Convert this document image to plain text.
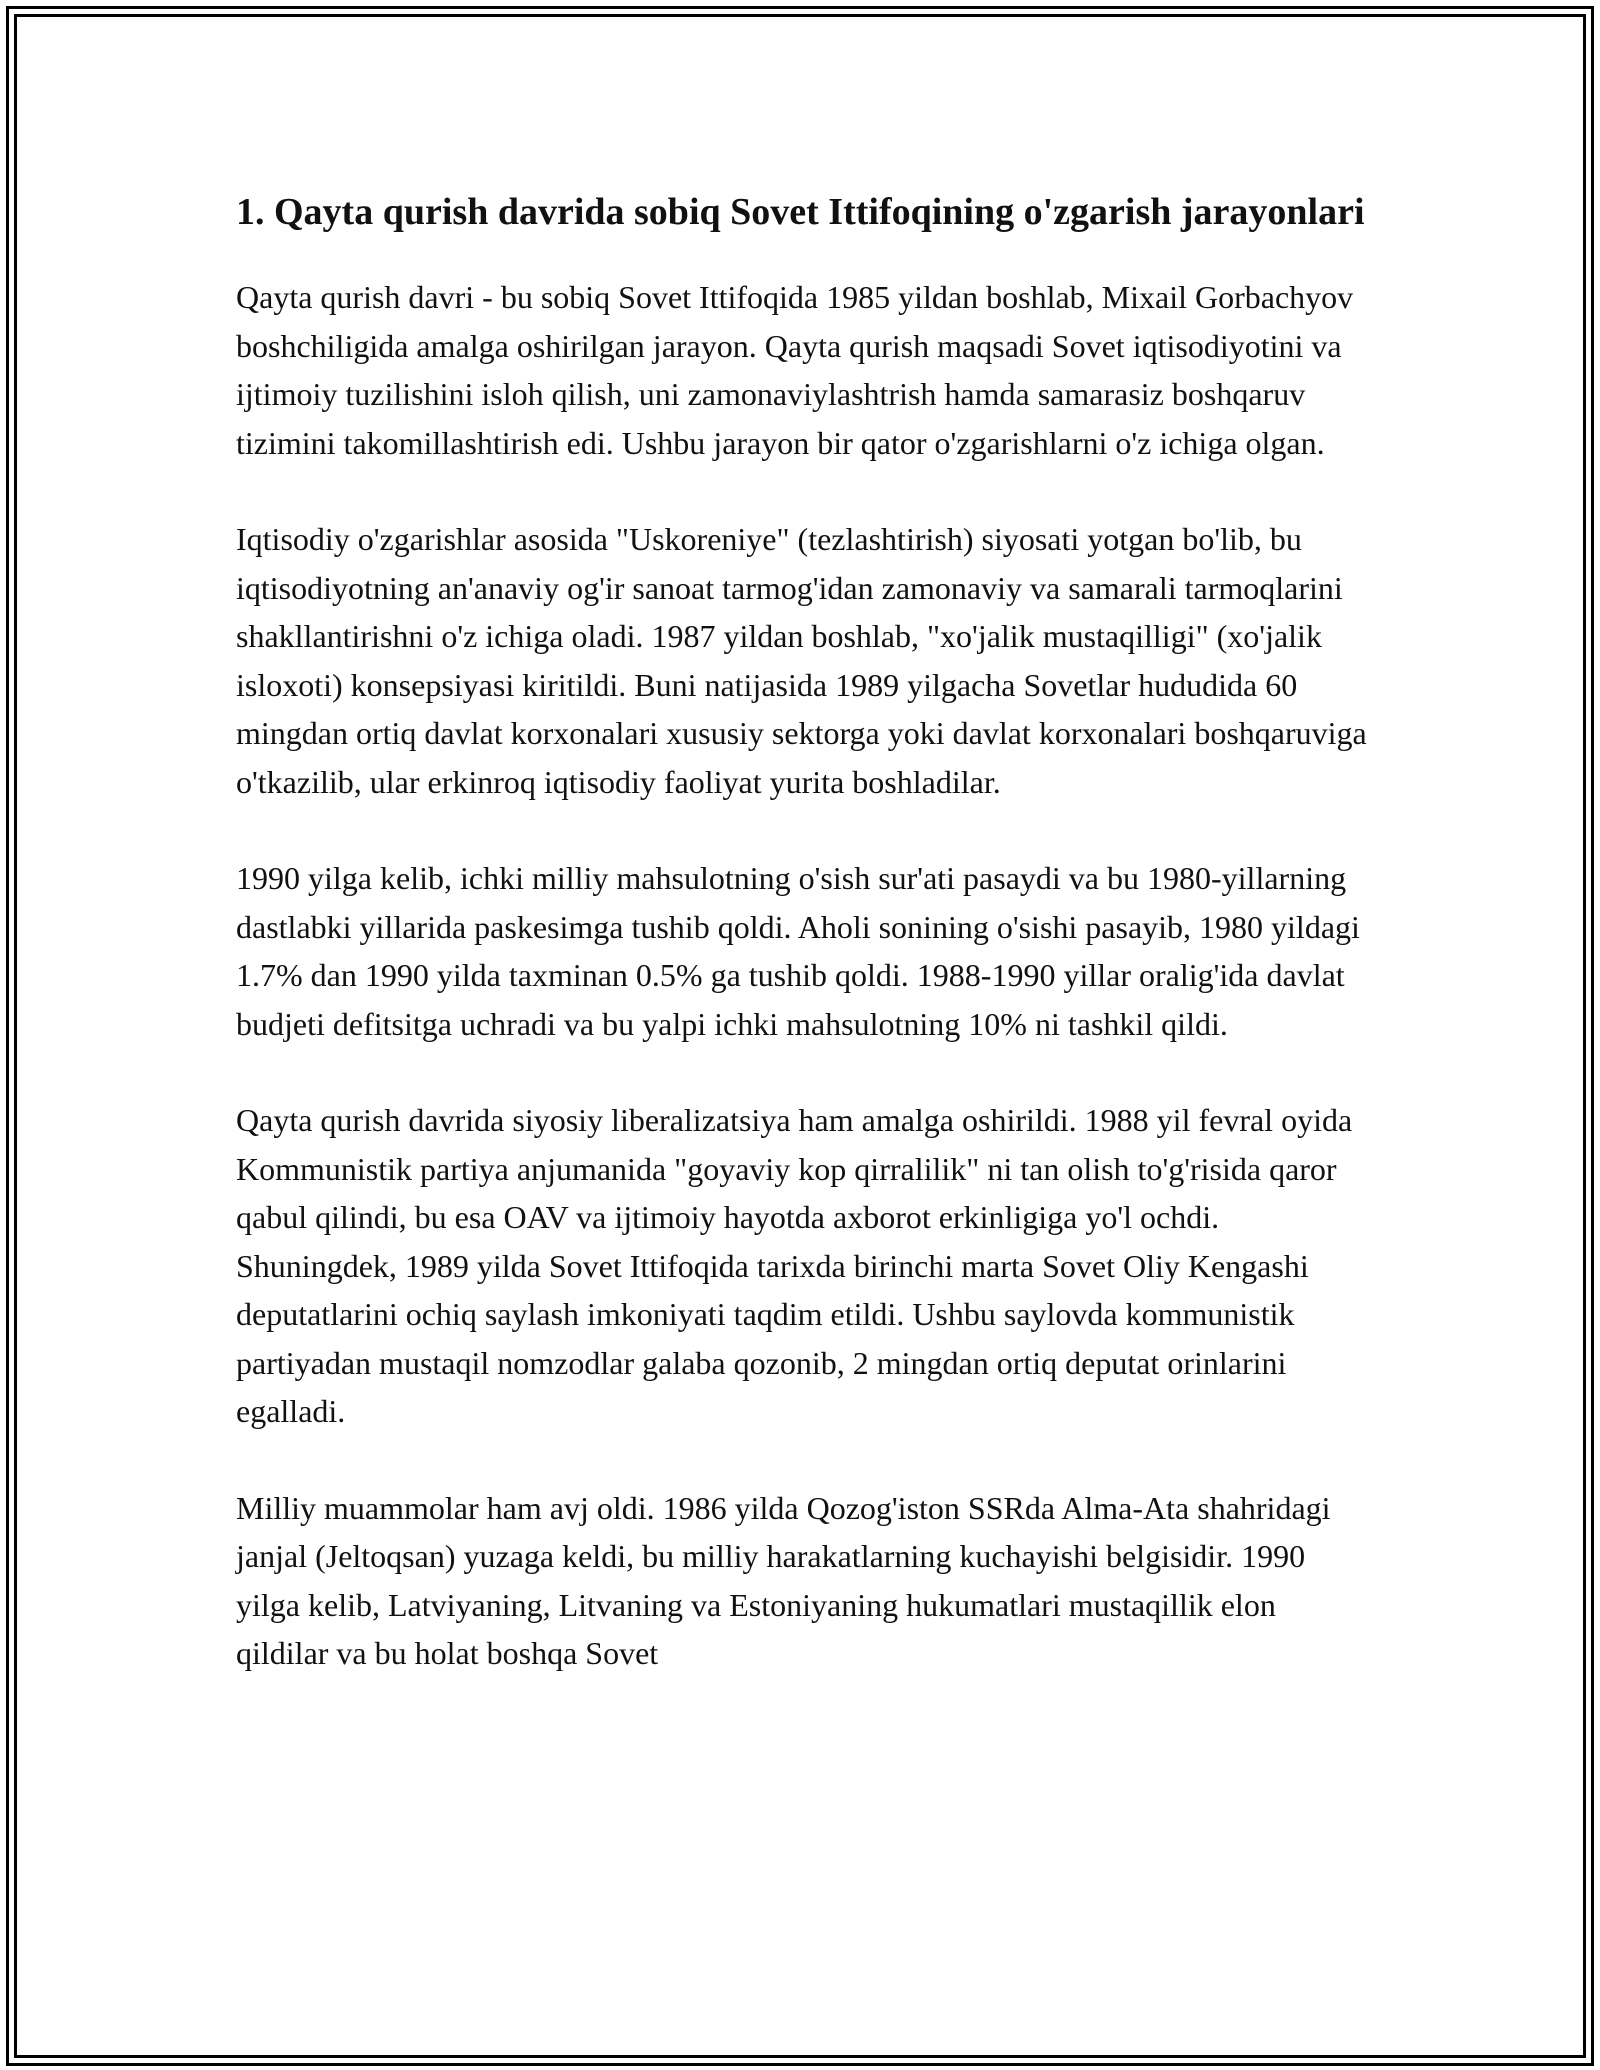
1. Qayta qurish davrida sobiq Sovet Ittifoqining o'zgarish jarayonlari

Qayta qurish davri - bu sobiq Sovet Ittifoqida 1985 yildan boshlab, Mixail Gorbachyov boshchiligida amalga oshirilgan jarayon. Qayta qurish maqsadi Sovet iqtisodiyotini va ijtimoiy tuzilishini isloh qilish, uni zamonaviylashtrish hamda samarasiz boshqaruv tizimini takomillashtirish edi. Ushbu jarayon bir qator o'zgarishlarni o'z ichiga olgan.

Iqtisodiy o'zgarishlar asosida "Uskoreniye" (tezlashtirish) siyosati yotgan bo'lib, bu iqtisodiyotning an'anaviy og'ir sanoat tarmog'idan zamonaviy va samarali tarmoqlarini shakllantirishni o'z ichiga oladi. 1987 yildan boshlab, "xo'jalik mustaqilligi" (xo'jalik isloxoti) konsepsiyasi kiritildi. Buni natijasida 1989 yilgacha Sovetlar hududida 60 mingdan ortiq davlat korxonalari xususiy sektorga yoki davlat korxonalari boshqaruviga o'tkazilib, ular erkinroq iqtisodiy faoliyat yurita boshladilar.

1990 yilga kelib, ichki milliy mahsulotning o'sish sur'ati pasaydi va bu 1980-yillarning dastlabki yillarida paskesimga tushib qoldi. Aholi sonining o'sishi pasayib, 1980 yildagi 1.7% dan 1990 yilda taxminan 0.5% ga tushib qoldi. 1988-1990 yillar oralig'ida davlat budjeti defitsitga uchradi va bu yalpi ichki mahsulotning 10% ni tashkil qildi.

Qayta qurish davrida siyosiy liberalizatsiya ham amalga oshirildi. 1988 yil fevral oyida Kommunistik partiya anjumanida "goyaviy kop qirralilik" ni tan olish to'g'risida qaror qabul qilindi, bu esa OAV va ijtimoiy hayotda axborot erkinligiga yo'l ochdi. Shuningdek, 1989 yilda Sovet Ittifoqida tarixda birinchi marta Sovet Oliy Kengashi deputatlarini ochiq saylash imkoniyati taqdim etildi. Ushbu saylovda kommunistik partiyadan mustaqil nomzodlar galaba qozonib, 2 mingdan ortiq deputat orinlarini egalladi.

Milliy muammolar ham avj oldi. 1986 yilda Qozog'iston SSRda Alma-Ata shahridagi janjal (Jeltoqsan) yuzaga keldi, bu milliy harakatlarning kuchayishi belgisidir. 1990 yilga kelib, Latviyaning, Litvaning va Estoniyaning hukumatlari mustaqillik elon qildilar va bu holat boshqa Sovet
